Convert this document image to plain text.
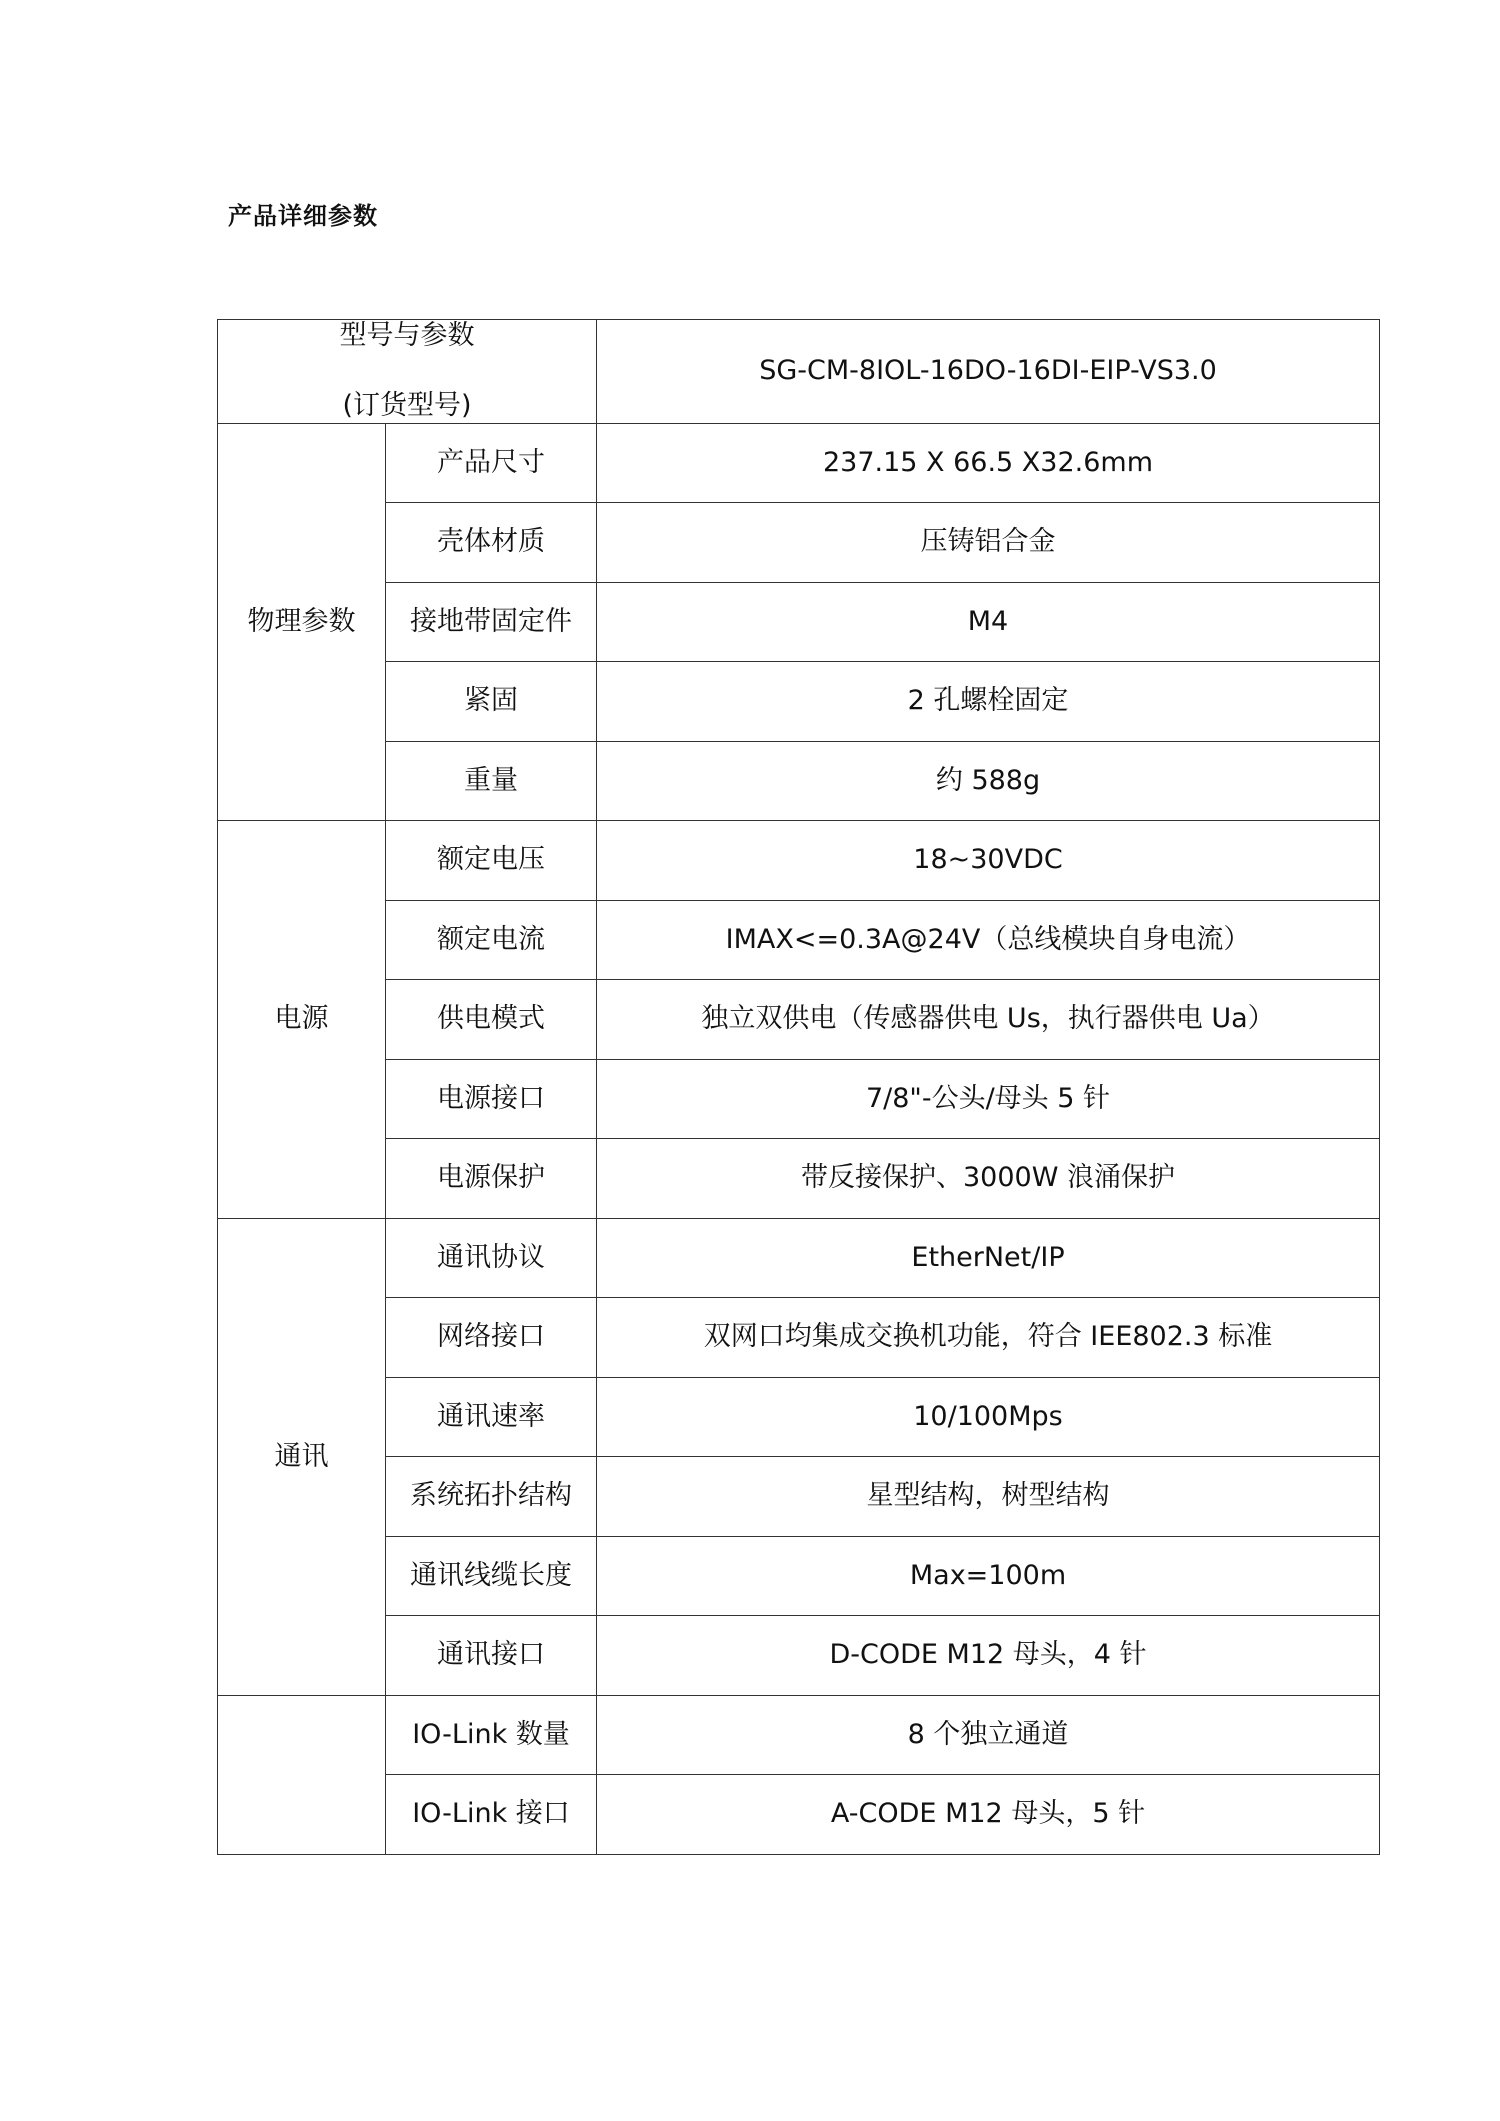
产品详细参数
型号与参数
(订货型号)		SG-CM-8IOL-16DO-16DI-EIP-VS3.0
物理参数	产品尺寸	237.15 X 66.5 X32.6mm
	壳体材质	压铸铝合金
	接地带固定件	M4
	紧固	2 孔螺栓固定
	重量	约 588g
电源	额定电压	18~30VDC
	额定电流	IMAX<=0.3A@24V（总线模块自身电流）
	供电模式	独立双供电（传感器供电 Us，执行器供电 Ua）
	电源接口	7/8"-公头/母头 5 针
	电源保护	带反接保护、3000W 浪涌保护
通讯	通讯协议	EtherNet/IP
	网络接口	双网口均集成交换机功能，符合 IEE802.3 标准
	通讯速率	10/100Mps
	系统拓扑结构	星型结构，树型结构
	通讯线缆长度	Max=100m
	通讯接口	D-CODE M12 母头，4 针
	IO-Link 数量	8 个独立通道
	IO-Link 接口	A-CODE M12 母头，5 针
